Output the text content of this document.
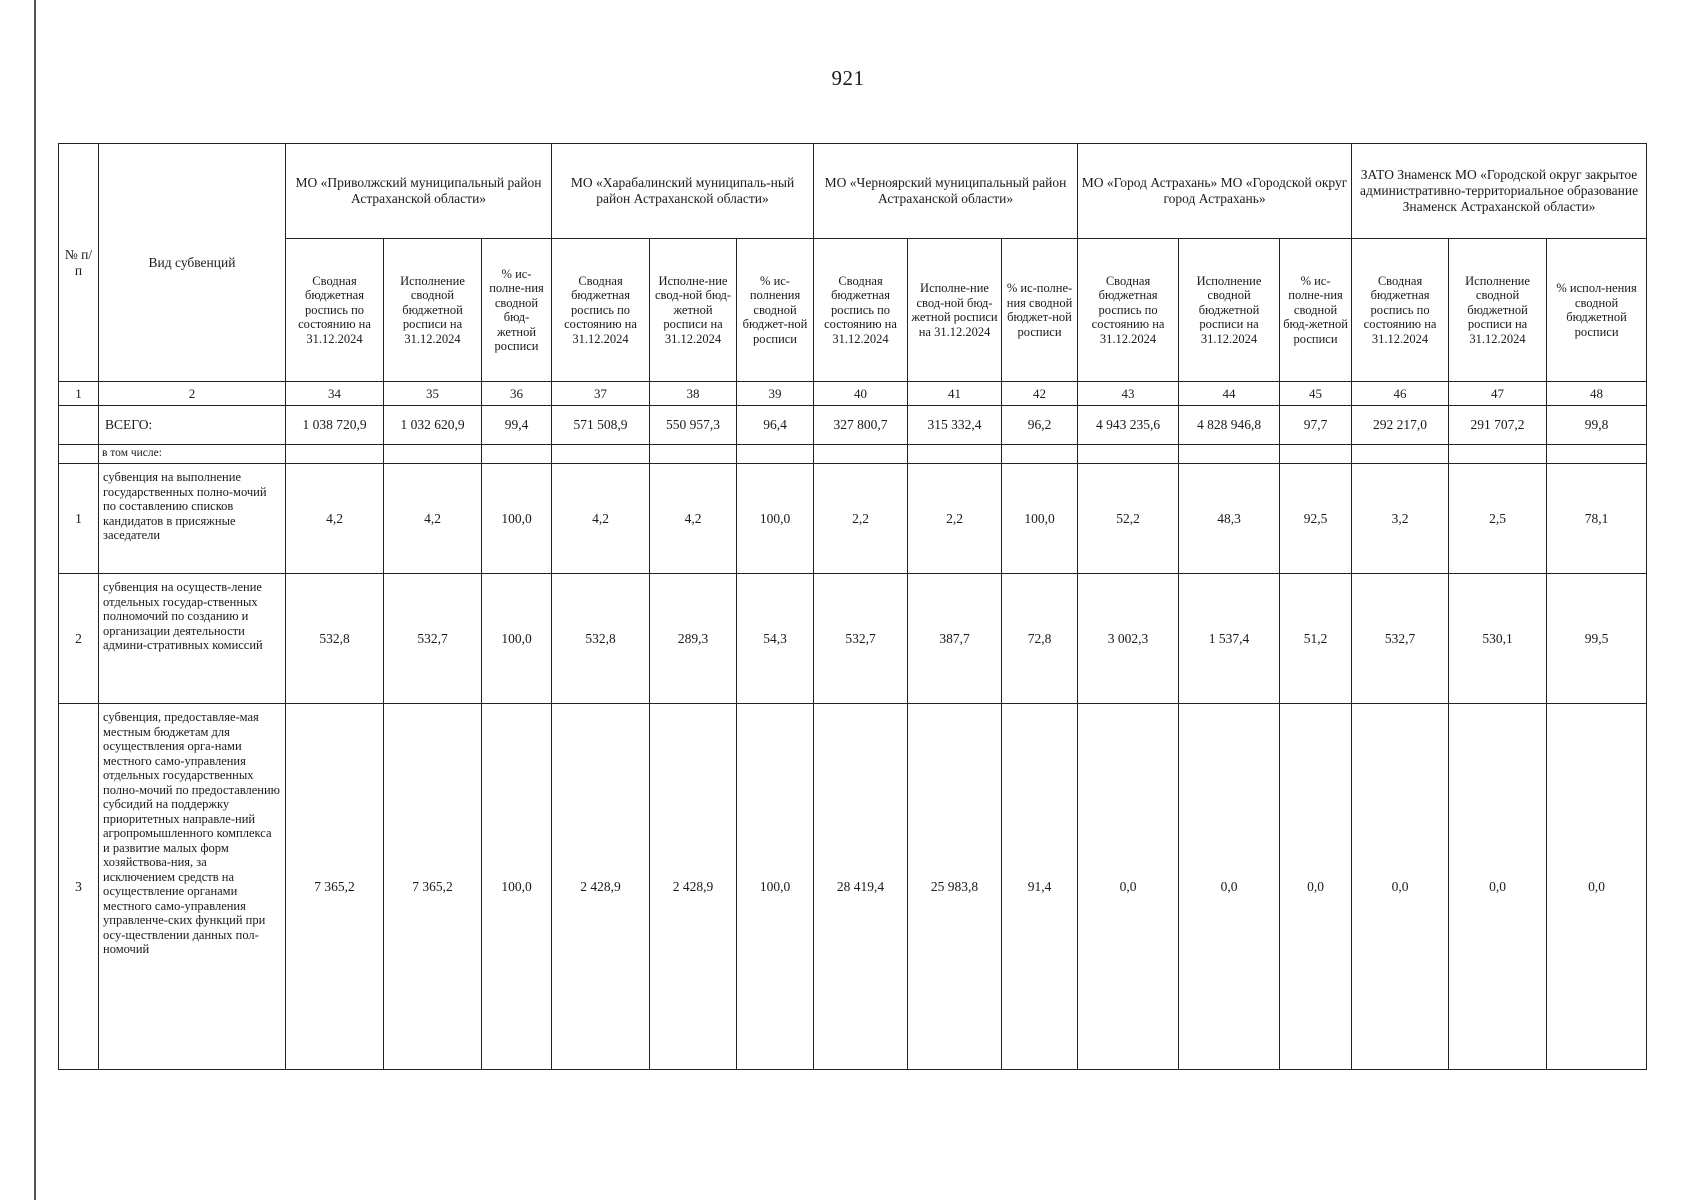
921
№ п/п	Вид субвенций	МО «Приволжский муниципальный район Астраханской области»			МО «Харабалинский муниципаль-ный район Астраханской области»			МО «Черноярский муниципальный район Астраханской области»			МО «Город Астрахань» МО «Городской округ город Астрахань»			ЗАТО Знаменск МО «Городской округ закрытое административно-территориальное образование Знаменск Астраханской области»		
		Сводная бюджетная роспись по состоянию на 31.12.2024	Исполнение сводной бюджетной росписи на 31.12.2024	% ис-полне-ния сводной бюд-жетной росписи	Сводная бюджетная роспись по состоянию на 31.12.2024	Исполне-ние свод-ной бюд-жетной росписи на 31.12.2024	% ис-полнения сводной бюджет-ной росписи	Сводная бюджетная роспись по состоянию на 31.12.2024	Исполне-ние свод-ной бюд-жетной росписи на 31.12.2024	% ис-полне-ния сводной бюджет-ной росписи	Сводная бюджетная роспись по состоянию на 31.12.2024	Исполнение сводной бюджетной росписи на 31.12.2024	% ис-полне-ния сводной бюд-жетной росписи	Сводная бюджетная роспись по состоянию на 31.12.2024	Исполнение сводной бюджетной росписи на 31.12.2024	% испол-нения сводной бюджетной росписи
1	2	34	35	36	37	38	39	40	41	42	43	44	45	46	47	48
	ВСЕГО:	1 038 720,9	1 032 620,9	99,4	571 508,9	550 957,3	96,4	327 800,7	315 332,4	96,2	4 943 235,6	4 828 946,8	97,7	292 217,0	291 707,2	99,8
	в том числе:															
1	субвенция на выполнение государственных полно-мочий по составлению списков кандидатов в присяжные заседатели	4,2	4,2	100,0	4,2	4,2	100,0	2,2	2,2	100,0	52,2	48,3	92,5	3,2	2,5	78,1
2	субвенция на осуществ-ление отдельных государ-ственных полномочий по созданию и организации деятельности админи-стративных комиссий	532,8	532,7	100,0	532,8	289,3	54,3	532,7	387,7	72,8	3 002,3	1 537,4	51,2	532,7	530,1	99,5
3	субвенция, предоставляе-мая местным бюджетам для осуществления орга-нами местного само-управления отдельных государственных полно-мочий по предоставлению субсидий на поддержку приоритетных направле-ний агропромышленного комплекса и развитие малых форм хозяйствова-ния, за исключением средств на осуществление органами местного само-управления управленче-ских функций при осу-ществлении данных пол-номочий	7 365,2	7 365,2	100,0	2 428,9	2 428,9	100,0	28 419,4	25 983,8	91,4	0,0	0,0	0,0	0,0	0,0	0,0
